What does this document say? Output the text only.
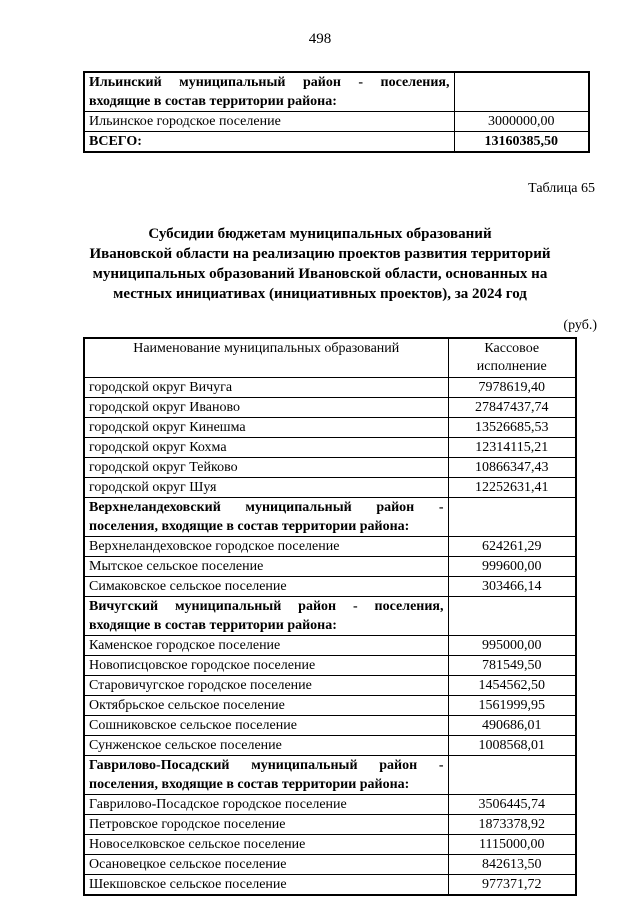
498
Ильинский муниципальный район - поселения, входящие в состав территории района:	
Ильинское городское поселение	3000000,00
ВСЕГО:	13160385,50
Таблица 65
Субсидии бюджетам муниципальных образований
Ивановской области на реализацию проектов развития территорий
муниципальных образований Ивановской области, основанных на
местных инициативах (инициативных проектов), за 2024 год
(руб.)
Наименование муниципальных образований	Кассовое исполнение
городской округ Вичуга	7978619,40
городской округ Иваново	27847437,74
городской округ Кинешма	13526685,53
городской округ Кохма	12314115,21
городской округ Тейково	10866347,43
городской округ Шуя	12252631,41
Верхнеландеховский муниципальный район - поселения, входящие в состав территории района:	
Верхнеландеховское городское поселение	624261,29
Мытское сельское поселение	999600,00
Симаковское сельское поселение	303466,14
Вичугский муниципальный район - поселения, входящие в состав территории района:	
Каменское городское поселение	995000,00
Новописцовское городское поселение	781549,50
Старовичугское городское поселение	1454562,50
Октябрьское сельское поселение	1561999,95
Сошниковское сельское поселение	490686,01
Сунженское сельское поселение	1008568,01
Гаврилово-Посадский муниципальный район - поселения, входящие в состав территории района:	
Гаврилово-Посадское городское поселение	3506445,74
Петровское городское поселение	1873378,92
Новоселковское сельское поселение	1115000,00
Осановецкое сельское поселение	842613,50
Шекшовское сельское поселение	977371,72
